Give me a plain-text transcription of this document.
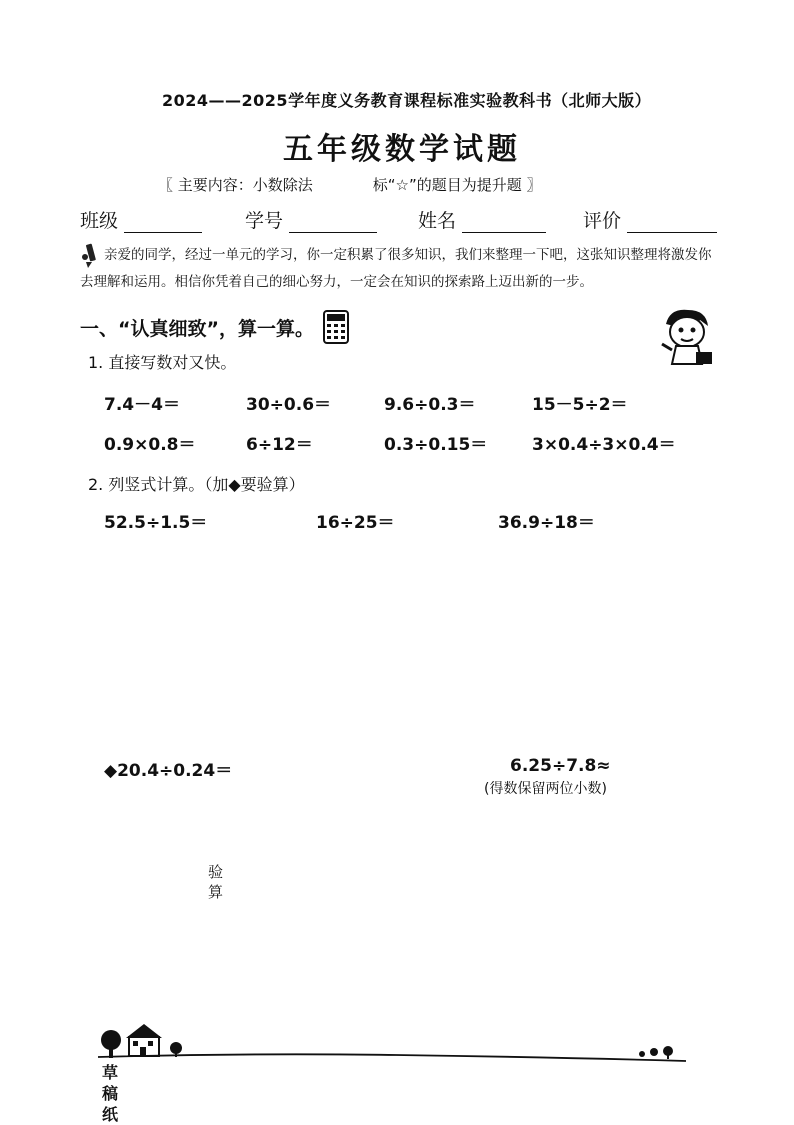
2024——2025学年度义务教育课程标准实验教科书（北师大版）
五年级数学试题
〖 主要内容：小数除法	标“☆”的题目为提升题 〗
班级	学号	姓名	评价
亲爱的同学，经过一单元的学习，你一定积累了很多知识，我们来整理一下吧，这张知识整理将激发你去理解和运用。相信你凭着自己的细心努力，一定会在知识的探索路上迈出新的一步。
一、“认真细致”，算一算。
1. 直接写数对又快。
7.4－4＝	30÷0.6＝	9.6÷0.3＝	15－5÷2＝
0.9×0.8＝	6÷12＝	0.3÷0.15＝	3×0.4÷3×0.4＝
2. 列竖式计算。（加◆要验算）
52.5÷1.5＝	16÷25＝	36.9÷18＝
◆20.4÷0.24＝	6.25÷7.8≈
(得数保留两位小数)
验
算
草
稿
纸
